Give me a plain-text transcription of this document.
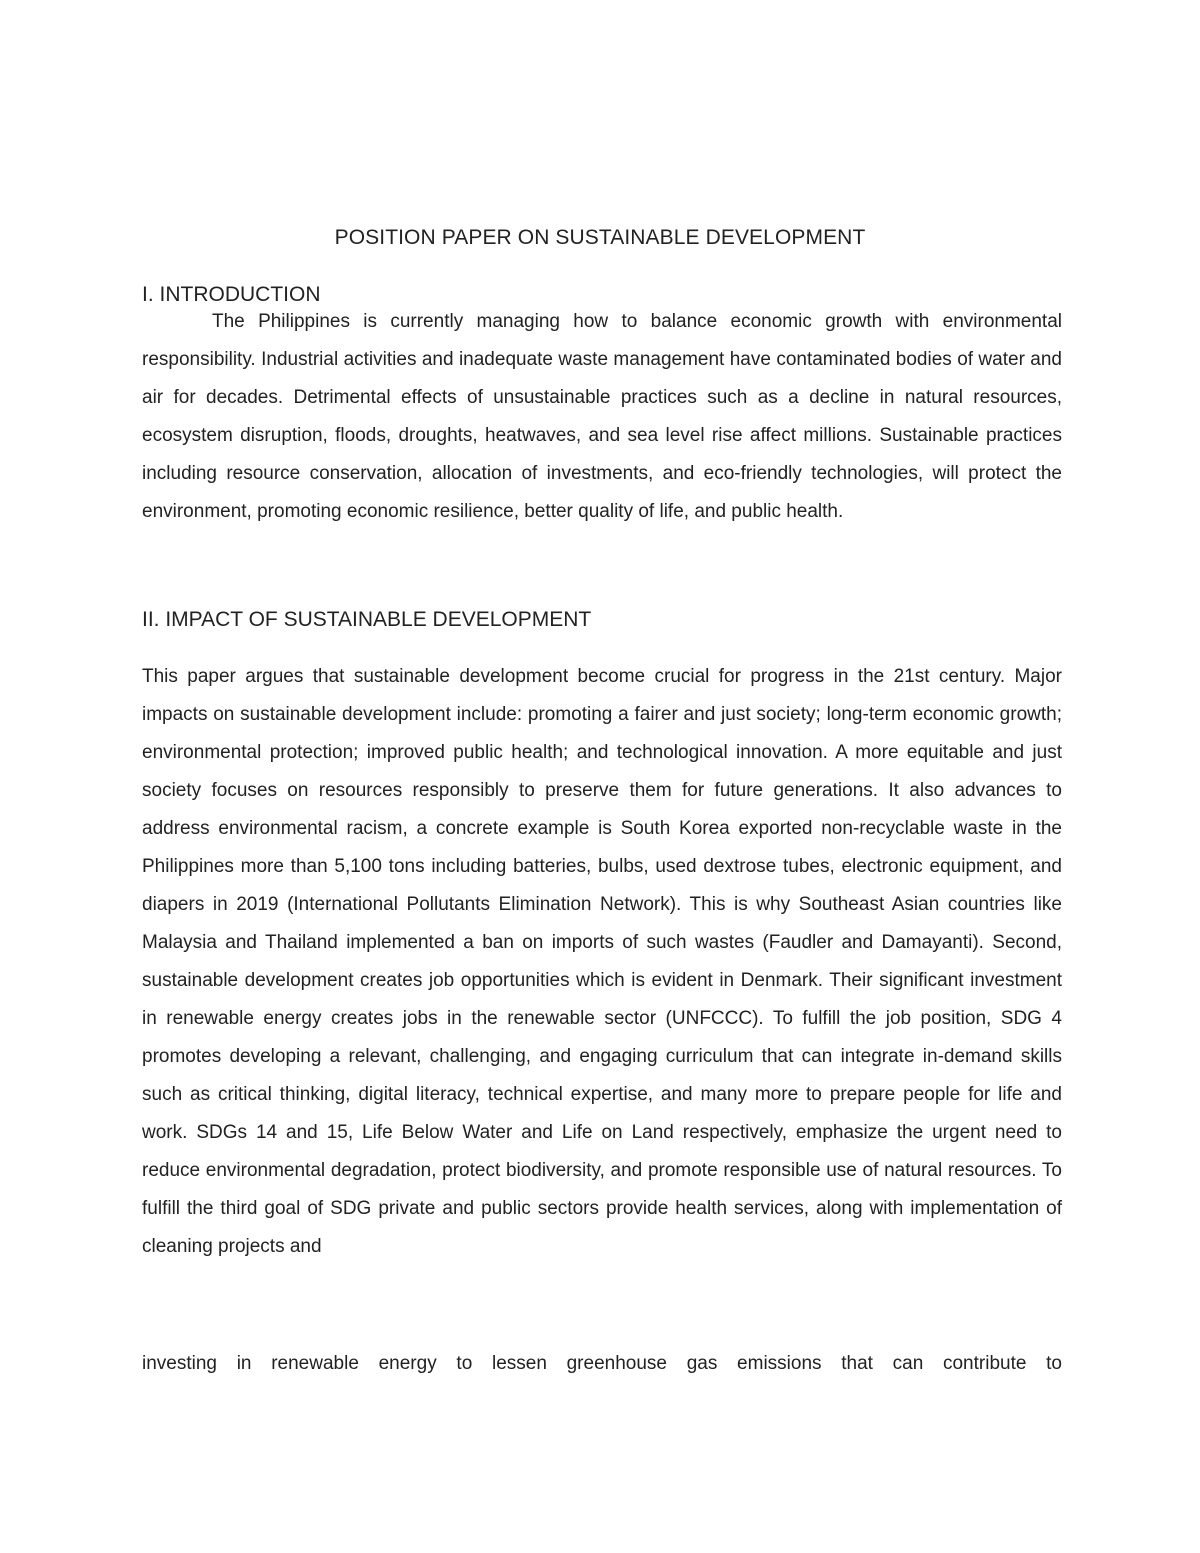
POSITION PAPER ON SUSTAINABLE DEVELOPMENT
I. INTRODUCTION

The Philippines is currently managing how to balance economic growth with environmental responsibility. Industrial activities and inadequate waste management have contaminated bodies of water and air for decades. Detrimental effects of unsustainable practices such as a decline in natural resources, ecosystem disruption, floods, droughts, heatwaves, and sea level rise affect millions. Sustainable practices including resource conservation, allocation of investments, and eco-friendly technologies, will protect the environment, promoting economic resilience, better quality of life, and public health.

II. IMPACT OF SUSTAINABLE DEVELOPMENT

This paper argues that sustainable development become crucial for progress in the 21st century. Major impacts on sustainable development include: promoting a fairer and just society; long-term economic growth; environmental protection; improved public health; and technological innovation. A more equitable and just society focuses on resources responsibly to preserve them for future generations. It also advances to address environmental racism, a concrete example is South Korea exported non-recyclable waste in the Philippines more than 5,100 tons including batteries, bulbs, used dextrose tubes, electronic equipment, and diapers in 2019 (International Pollutants Elimination Network). This is why Southeast Asian countries like Malaysia and Thailand implemented a ban on imports of such wastes (Faudler and Damayanti). Second, sustainable development creates job opportunities which is evident in Denmark. Their significant investment in renewable energy creates jobs in the renewable sector (UNFCCC). To fulfill the job position, SDG 4 promotes developing a relevant, challenging, and engaging curriculum that can integrate in-demand skills such as critical thinking, digital literacy, technical expertise, and many more to prepare people for life and work. SDGs 14 and 15, Life Below Water and Life on Land respectively, emphasize the urgent need to reduce environmental degradation, protect biodiversity, and promote responsible use of natural resources. To fulfill the third goal of SDG private and public sectors provide health services, along with implementation of cleaning projects and

investing in renewable energy to lessen greenhouse gas emissions that can contribute to
